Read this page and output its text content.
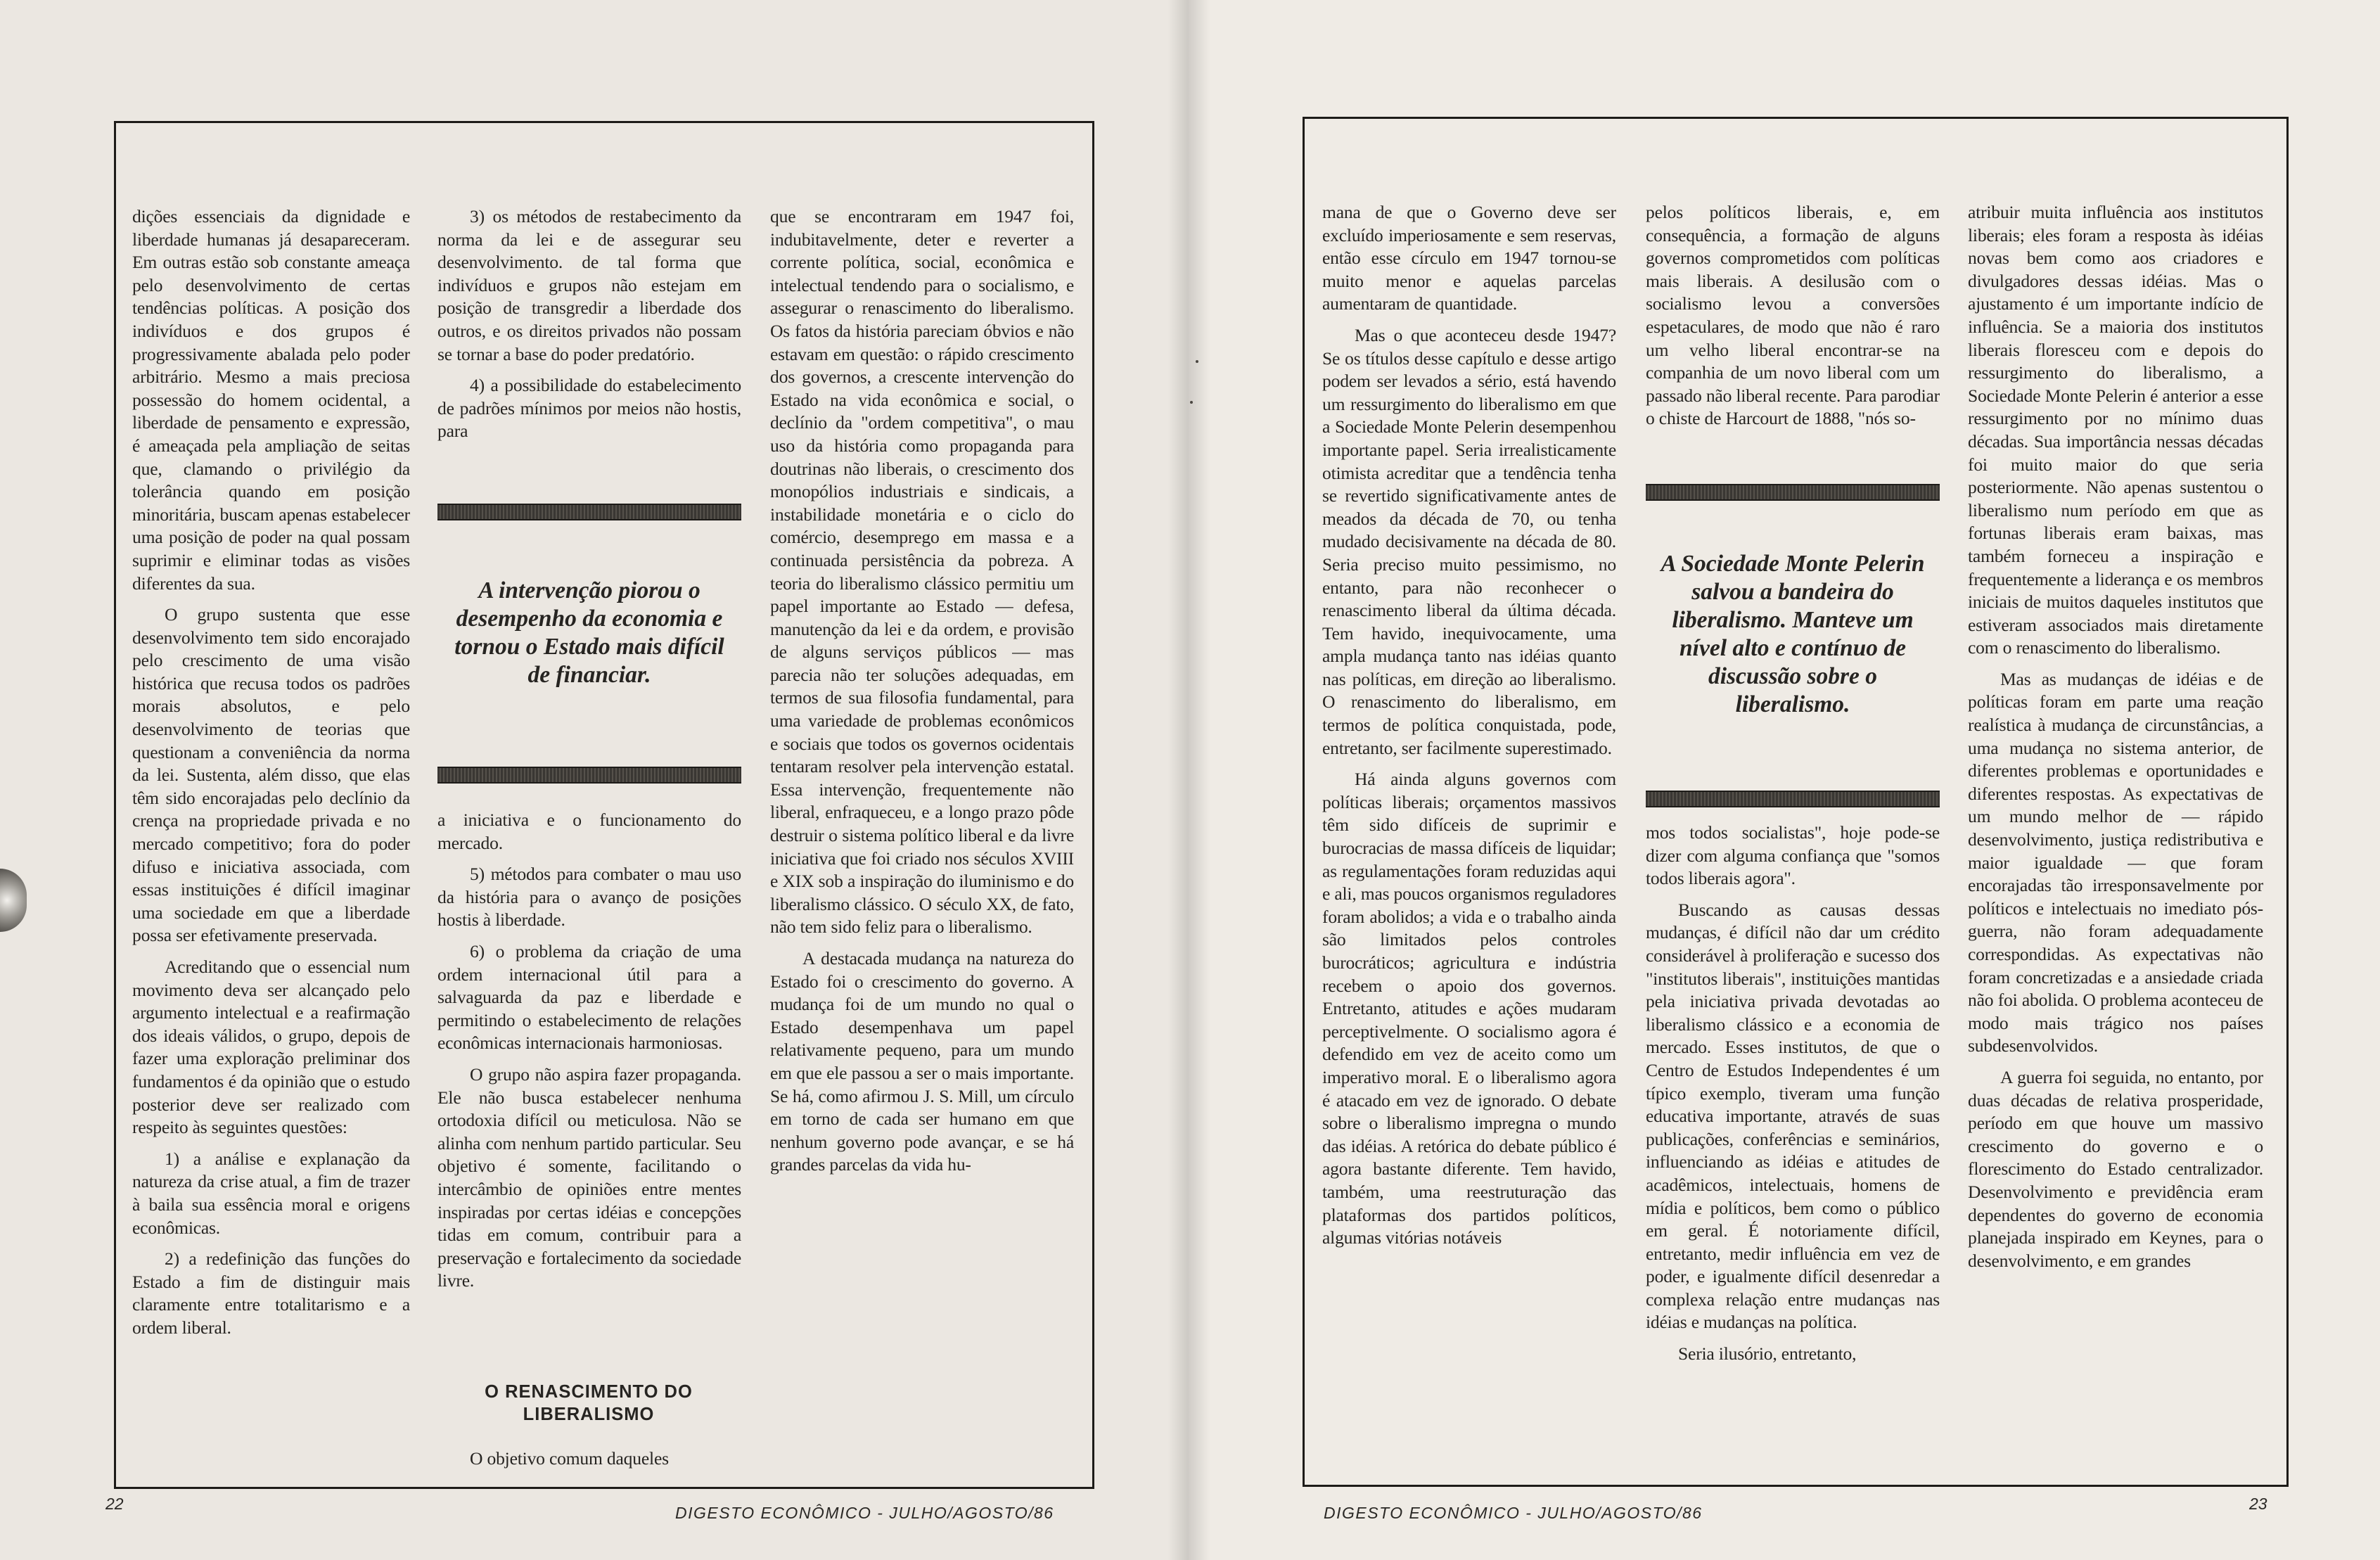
dições essenciais da dignidade e liberdade humanas já desapareceram. Em outras estão sob constante ameaça pelo desenvolvimento de certas tendências políticas. A posição dos indivíduos e dos grupos é progressivamente abalada pelo poder arbitrário. Mesmo a mais preciosa possessão do homem ocidental, a liberdade de pensamento e expressão, é ameaçada pela ampliação de seitas que, clamando o privilégio da tolerância quando em posição minoritária, buscam apenas estabelecer uma posição de poder na qual possam suprimir e eliminar todas as visões diferentes da sua.

O grupo sustenta que esse desenvolvimento tem sido encorajado pelo crescimento de uma visão histórica que recusa todos os padrões morais absolutos, e pelo desenvolvimento de teorias que questionam a conveniência da norma da lei. Sustenta, além disso, que elas têm sido encorajadas pelo declínio da crença na propriedade privada e no mercado competitivo; fora do poder difuso e iniciativa associada, com essas instituições é difícil imaginar uma sociedade em que a liberdade possa ser efetivamente preservada.

Acreditando que o essencial num movimento deva ser alcançado pelo argumento intelectual e a reafirmação dos ideais válidos, o grupo, depois de fazer uma exploração preliminar dos fundamentos é da opinião que o estudo posterior deve ser realizado com respeito às seguintes questões:

1) a análise e explanação da natureza da crise atual, a fim de trazer à baila sua essência moral e origens econômicas.

2) a redefinição das funções do Estado a fim de distinguir mais claramente entre totalitarismo e a ordem liberal.

3) os métodos de restabecimento da norma da lei e de assegurar seu desenvolvimento. de tal forma que indivíduos e grupos não estejam em posição de transgredir a liberdade dos outros, e os direitos privados não possam se tornar a base do poder predatório.

4) a possibilidade do estabelecimento de padrões mínimos por meios não hostis, para

A intervenção piorou o desempenho da economia e tornou o Estado mais difícil de financiar.

a iniciativa e o funcionamento do mercado.

5) métodos para combater o mau uso da história para o avanço de posições hostis à liberdade.

6) o problema da criação de uma ordem internacional útil para a salvaguarda da paz e liberdade e permitindo o estabelecimento de relações econômicas internacionais harmoniosas.

O grupo não aspira fazer propaganda. Ele não busca estabelecer nenhuma ortodoxia difícil ou meticulosa. Não se alinha com nenhum partido particular. Seu objetivo é somente, facilitando o intercâmbio de opiniões entre mentes inspiradas por certas idéias e concepções tidas em comum, contribuir para a preservação e fortalecimento da sociedade livre.

O RENASCIMENTO DO LIBERALISMO

O objetivo comum daqueles

que se encontraram em 1947 foi, indubitavelmente, deter e reverter a corrente política, social, econômica e intelectual tendendo para o socialismo, e assegurar o renascimento do liberalismo. Os fatos da história pareciam óbvios e não estavam em questão: o rápido crescimento dos governos, a crescente intervenção do Estado na vida econômica e social, o declínio da "ordem competitiva", o mau uso da história como propaganda para doutrinas não liberais, o crescimento dos monopólios industriais e sindicais, a instabilidade monetária e o ciclo do comércio, desemprego em massa e a continuada persistência da pobreza. A teoria do liberalismo clássico permitiu um papel importante ao Estado — defesa, manutenção da lei e da ordem, e provisão de alguns serviços públicos — mas parecia não ter soluções adequadas, em termos de sua filosofia fundamental, para uma variedade de problemas econômicos e sociais que todos os governos ocidentais tentaram resolver pela intervenção estatal. Essa intervenção, frequentemente não liberal, enfraqueceu, e a longo prazo pôde destruir o sistema político liberal e da livre iniciativa que foi criado nos séculos XVIII e XIX sob a inspiração do iluminismo e do liberalismo clássico. O século XX, de fato, não tem sido feliz para o liberalismo.

A destacada mudança na natureza do Estado foi o crescimento do governo. A mudança foi de um mundo no qual o Estado desempenhava um papel relativamente pequeno, para um mundo em que ele passou a ser o mais importante. Se há, como afirmou J. S. Mill, um círculo em torno de cada ser humano em que nenhum governo pode avançar, e se há grandes parcelas da vida hu-

22	DIGESTO ECONÔMICO - JULHO/AGOSTO/86

mana de que o Governo deve ser excluído imperiosamente e sem reservas, então esse círculo em 1947 tornou-se muito menor e aquelas parcelas aumentaram de quantidade.

Mas o que aconteceu desde 1947? Se os títulos desse capítulo e desse artigo podem ser levados a sério, está havendo um ressurgimento do liberalismo em que a Sociedade Monte Pelerin desempenhou importante papel. Seria irrealisticamente otimista acreditar que a tendência tenha se revertido significativamente antes de meados da década de 70, ou tenha mudado decisivamente na década de 80. Seria preciso muito pessimismo, no entanto, para não reconhecer o renascimento liberal da última década. Tem havido, inequivocamente, uma ampla mudança tanto nas idéias quanto nas políticas, em direção ao liberalismo. O renascimento do liberalismo, em termos de política conquistada, pode, entretanto, ser facilmente superestimado.

Há ainda alguns governos com políticas liberais; orçamentos massivos têm sido difíceis de suprimir e burocracias de massa difíceis de liquidar; as regulamentações foram reduzidas aqui e ali, mas poucos organismos reguladores foram abolidos; a vida e o trabalho ainda são limitados pelos controles burocráticos; agricultura e indústria recebem o apoio dos governos. Entretanto, atitudes e ações mudaram perceptivelmente. O socialismo agora é defendido em vez de aceito como um imperativo moral. E o liberalismo agora é atacado em vez de ignorado. O debate sobre o liberalismo impregna o mundo das idéias. A retórica do debate público é agora bastante diferente. Tem havido, também, uma reestruturação das plataformas dos partidos políticos, algumas vitórias notáveis

pelos políticos liberais, e, em consequência, a formação de alguns governos comprometidos com políticas mais liberais. A desilusão com o socialismo levou a conversões espetaculares, de modo que não é raro um velho liberal encontrar-se na companhia de um novo liberal com um passado não liberal recente. Para parodiar o chiste de Harcourt de 1888, "nós so-

A Sociedade Monte Pelerin salvou a bandeira do liberalismo. Manteve um nível alto e contínuo de discussão sobre o liberalismo.

mos todos socialistas", hoje pode-se dizer com alguma confiança que "somos todos liberais agora".

Buscando as causas dessas mudanças, é difícil não dar um crédito considerável à proliferação e sucesso dos "institutos liberais", instituições mantidas pela iniciativa privada devotadas ao liberalismo clássico e a economia de mercado. Esses institutos, de que o Centro de Estudos Independentes é um típico exemplo, tiveram uma função educativa importante, através de suas publicações, conferências e seminários, influenciando as idéias e atitudes de acadêmicos, intelectuais, homens de mídia e políticos, bem como o público em geral. É notoriamente difícil, entretanto, medir influência em vez de poder, e igualmente difícil desenredar a complexa relação entre mudanças nas idéias e mudanças na política.

Seria ilusório, entretanto,

atribuir muita influência aos institutos liberais; eles foram a resposta às idéias novas bem como aos criadores e divulgadores dessas idéias. Mas o ajustamento é um importante indício de influência. Se a maioria dos institutos liberais floresceu com e depois do ressurgimento do liberalismo, a Sociedade Monte Pelerin é anterior a esse ressurgimento por no mínimo duas décadas. Sua importância nessas décadas foi muito maior do que seria posteriormente. Não apenas sustentou o liberalismo num período em que as fortunas liberais eram baixas, mas também forneceu a inspiração e frequentemente a liderança e os membros iniciais de muitos daqueles institutos que estiveram associados mais diretamente com o renascimento do liberalismo.

Mas as mudanças de idéias e de políticas foram em parte uma reação realística à mudança de circunstâncias, a uma mudança no sistema anterior, de diferentes problemas e oportunidades e diferentes respostas. As expectativas de um mundo melhor de — rápido desenvolvimento, justiça redistributiva e maior igualdade — que foram encorajadas tão irresponsavelmente por políticos e intelectuais no imediato pós-guerra, não foram adequadamente correspondidas. As expectativas não foram concretizadas e a ansiedade criada não foi abolida. O problema aconteceu de modo mais trágico nos países subdesenvolvidos.

A guerra foi seguida, no entanto, por duas décadas de relativa prosperidade, período em que houve um massivo crescimento do governo e o florescimento do Estado centralizador. Desenvolvimento e previdência eram dependentes do governo de economia planejada inspirado em Keynes, para o desenvolvimento, e em grandes

DIGESTO ECONÔMICO - JULHO/AGOSTO/86	23
